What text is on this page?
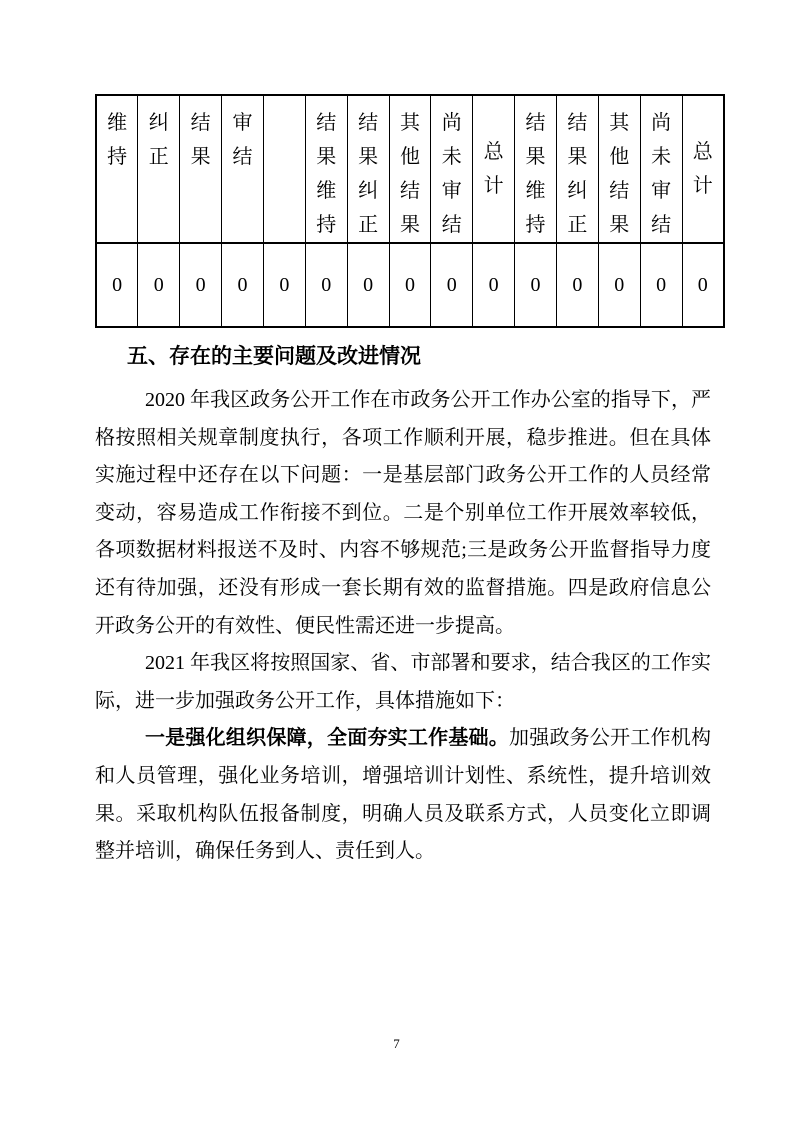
维持	纠正	结果	审结		结果维持	结果纠正	其他结果	尚未审结	总计	结果维持	结果纠正	其他结果	尚未审结	总计

0	0	0	0	0	0	0	0	0	0	0	0	0	0	0
五、存在的主要问题及改进情况

2020 年我区政务公开工作在市政务公开工作办公室的指导下，严格按照相关规章制度执行，各项工作顺利开展，稳步推进。但在具体实施过程中还存在以下问题：一是基层部门政务公开工作的人员经常变动，容易造成工作衔接不到位。二是个别单位工作开展效率较低，各项数据材料报送不及时、内容不够规范;三是政务公开监督指导力度还有待加强，还没有形成一套长期有效的监督措施。四是政府信息公开政务公开的有效性、便民性需还进一步提高。

2021 年我区将按照国家、省、市部署和要求，结合我区的工作实际，进一步加强政务公开工作，具体措施如下：

一是强化组织保障，全面夯实工作基础。加强政务公开工作机构和人员管理，强化业务培训，增强培训计划性、系统性，提升培训效果。采取机构队伍报备制度，明确人员及联系方式，人员变化立即调整并培训，确保任务到人、责任到人。

7
